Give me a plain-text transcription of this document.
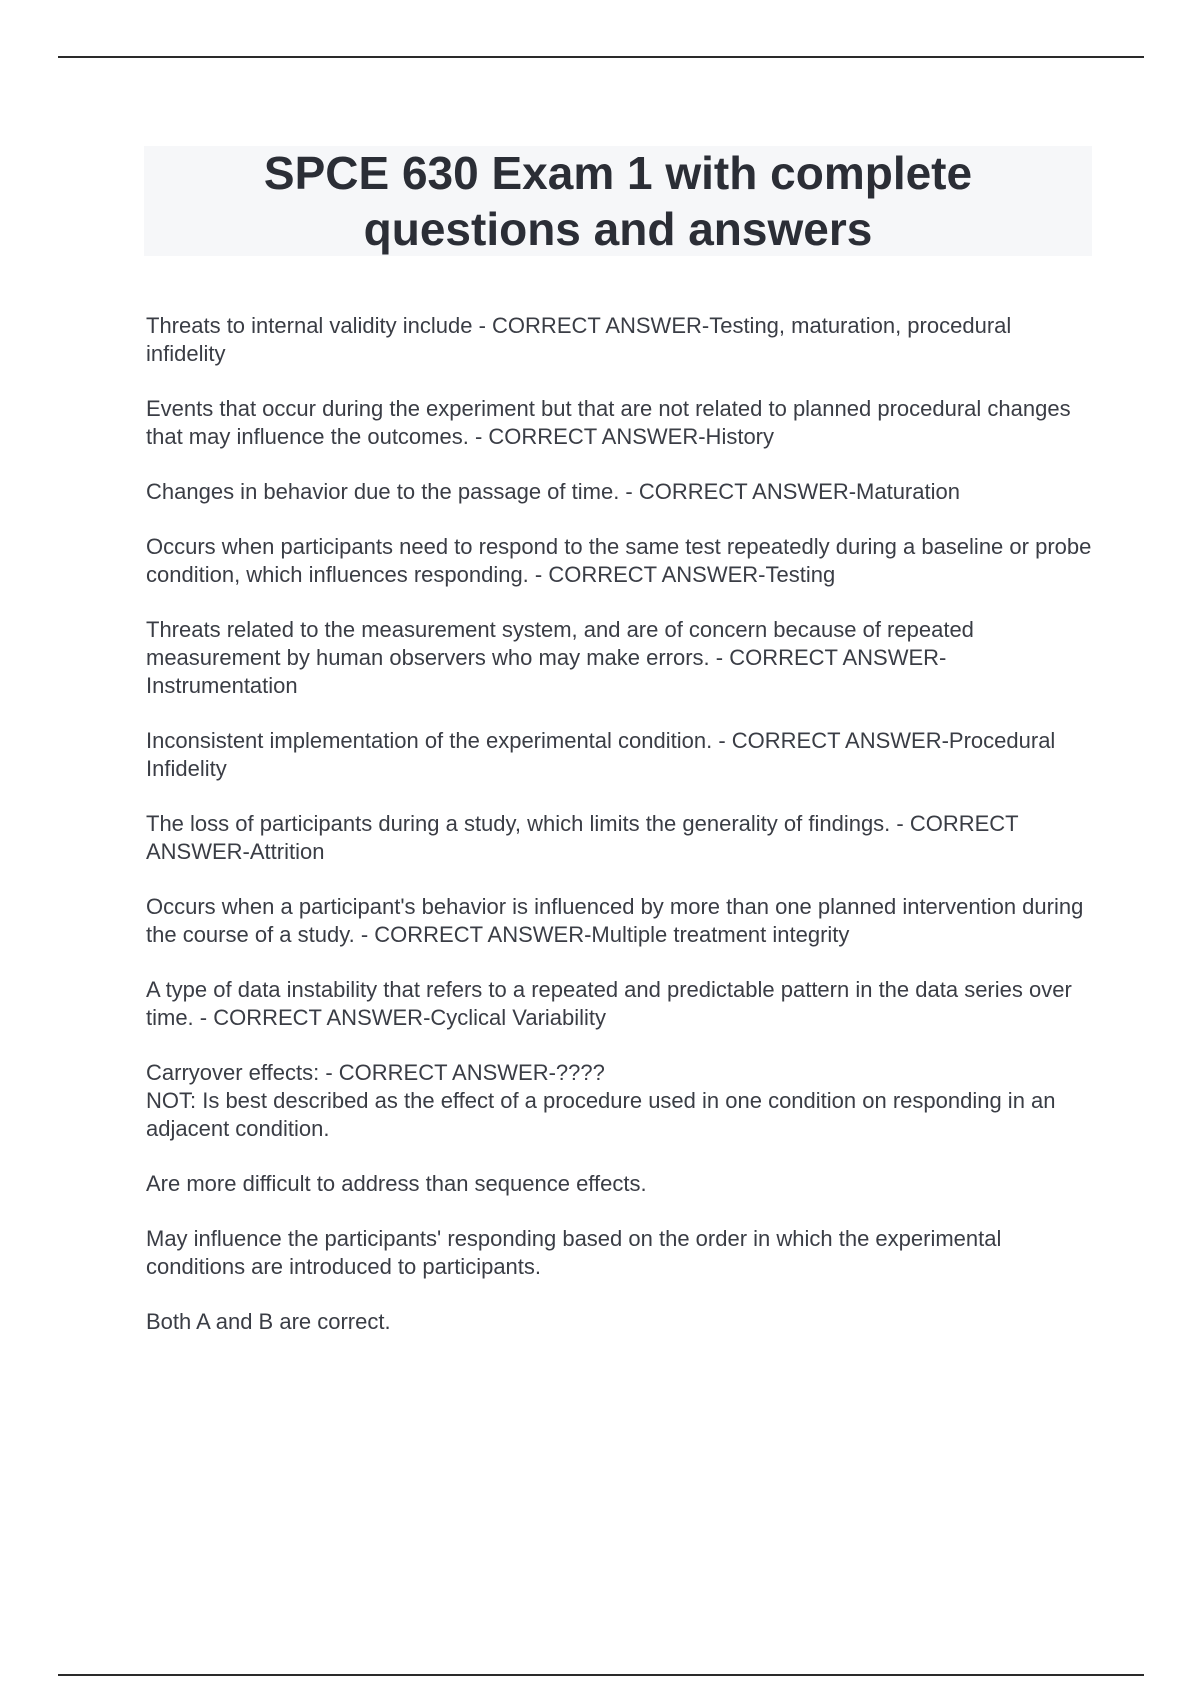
SPCE 630 Exam 1 with complete questions and answers
Threats to internal validity include - CORRECT ANSWER-Testing, maturation, procedural infidelity
Events that occur during the experiment but that are not related to planned procedural changes that may influence the outcomes. - CORRECT ANSWER-History
Changes in behavior due to the passage of time. - CORRECT ANSWER-Maturation
Occurs when participants need to respond to the same test repeatedly during a baseline or probe condition, which influences responding. - CORRECT ANSWER-Testing
Threats related to the measurement system, and are of concern because of repeated measurement by human observers who may make errors. - CORRECT ANSWER-Instrumentation
Inconsistent implementation of the experimental condition. - CORRECT ANSWER-Procedural Infidelity
The loss of participants during a study, which limits the generality of findings. - CORRECT ANSWER-Attrition
Occurs when a participant's behavior is influenced by more than one planned intervention during the course of a study. - CORRECT ANSWER-Multiple treatment integrity
A type of data instability that refers to a repeated and predictable pattern in the data series over time. - CORRECT ANSWER-Cyclical Variability
Carryover effects: - CORRECT ANSWER-????
NOT: Is best described as the effect of a procedure used in one condition on responding in an adjacent condition.
Are more difficult to address than sequence effects.
May influence the participants' responding based on the order in which the experimental conditions are introduced to participants.
Both A and B are correct.
